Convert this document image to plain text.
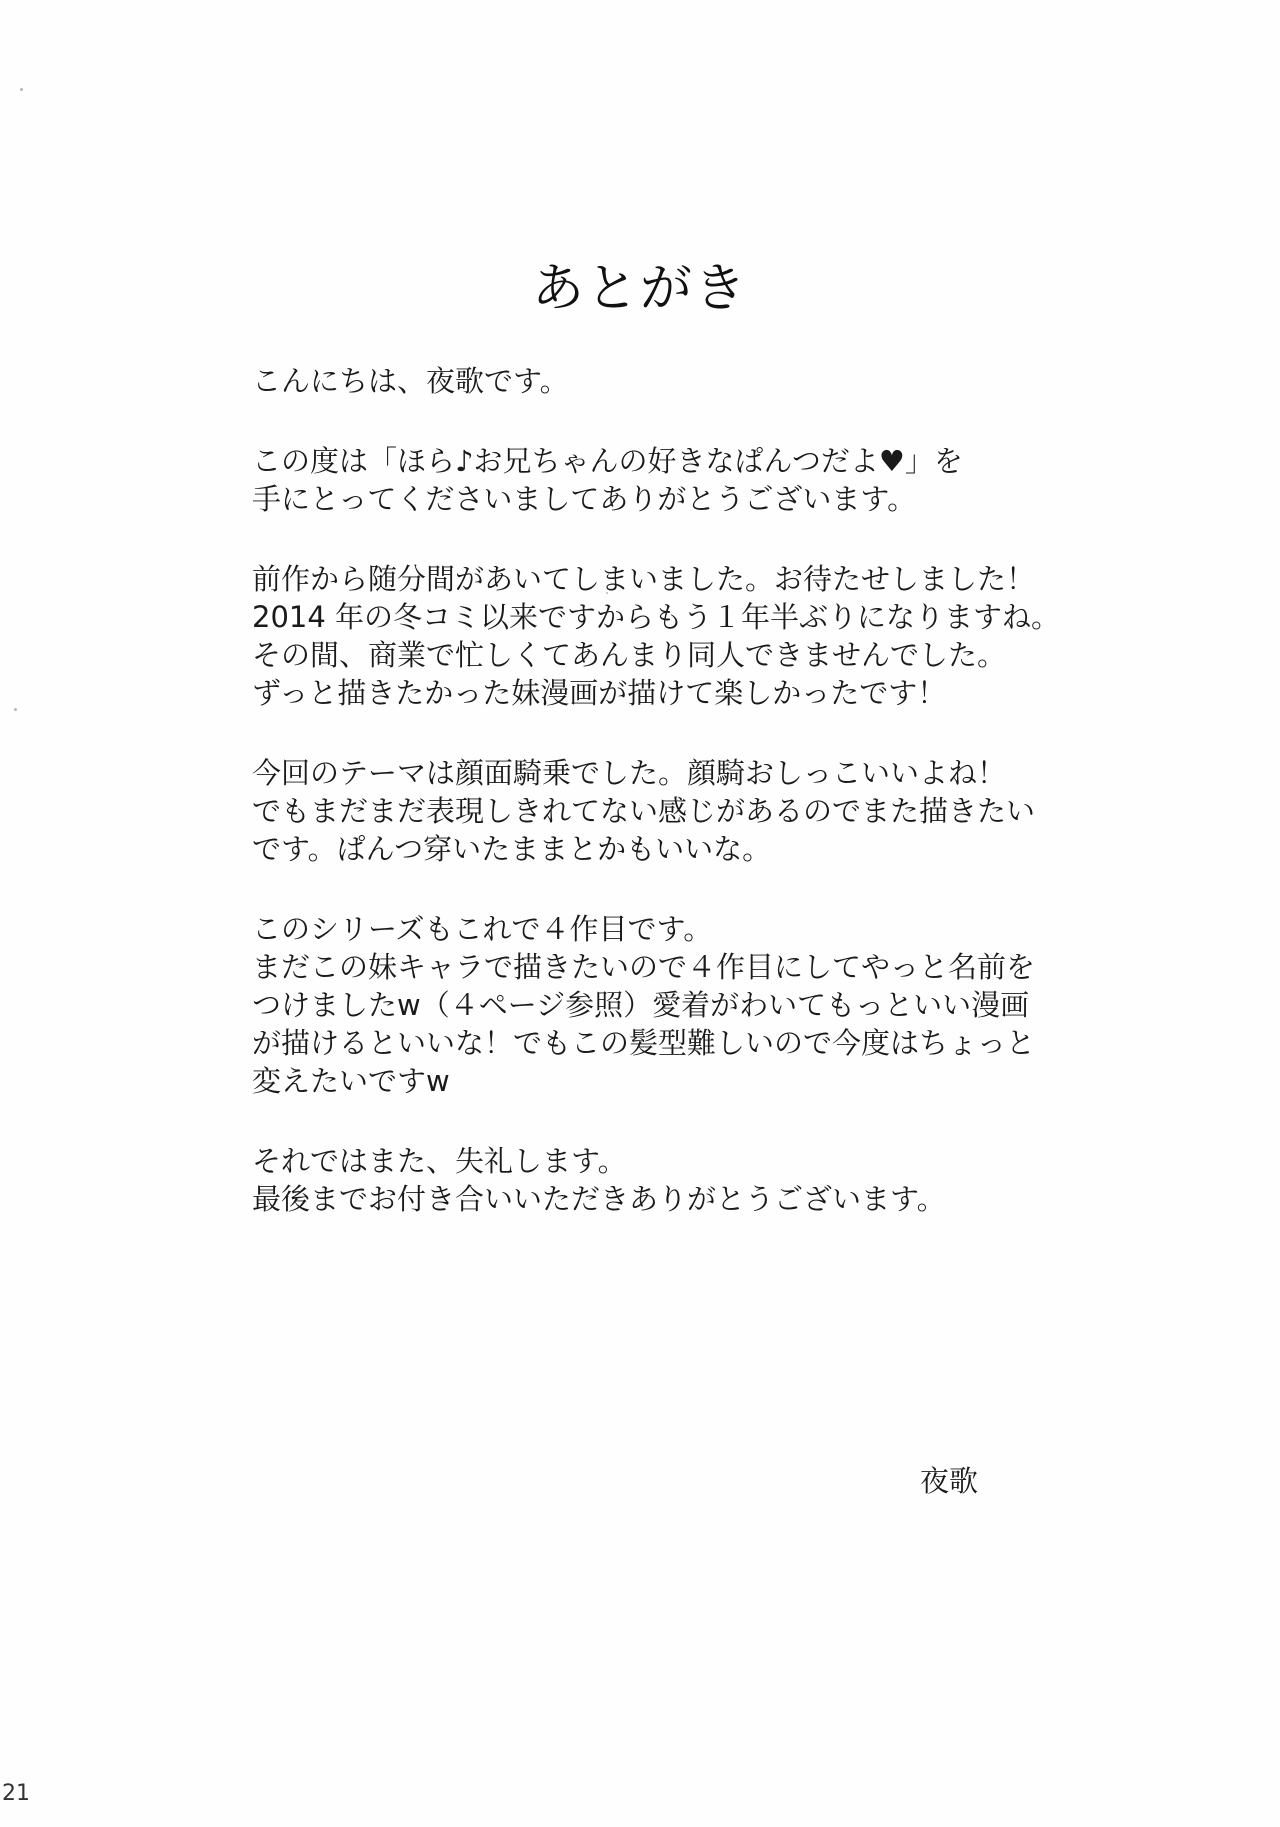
あとがき

こんにちは、夜歌です。

この度は「ほら♪お兄ちゃんの好きなぱんつだよ♥」を
手にとってくださいましてありがとうございます。

前作から随分間があいてしまいました。お待たせしました！
2014 年の冬コミ以来ですからもう１年半ぶりになりますね。
その間、商業で忙しくてあんまり同人できませんでした。
ずっと描きたかった妹漫画が描けて楽しかったです！

今回のテーマは顔面騎乗でした。顔騎おしっこいいよね！
でもまだまだ表現しきれてない感じがあるのでまた描きたい
です。ぱんつ穿いたままとかもいいな。

このシリーズもこれで４作目です。
まだこの妹キャラで描きたいので４作目にしてやっと名前を
つけましたw（４ページ参照）愛着がわいてもっといい漫画
が描けるといいな！でもこの髪型難しいので今度はちょっと
変えたいですw

それではまた、失礼します。
最後までお付き合いいただきありがとうございます。

夜歌
21
